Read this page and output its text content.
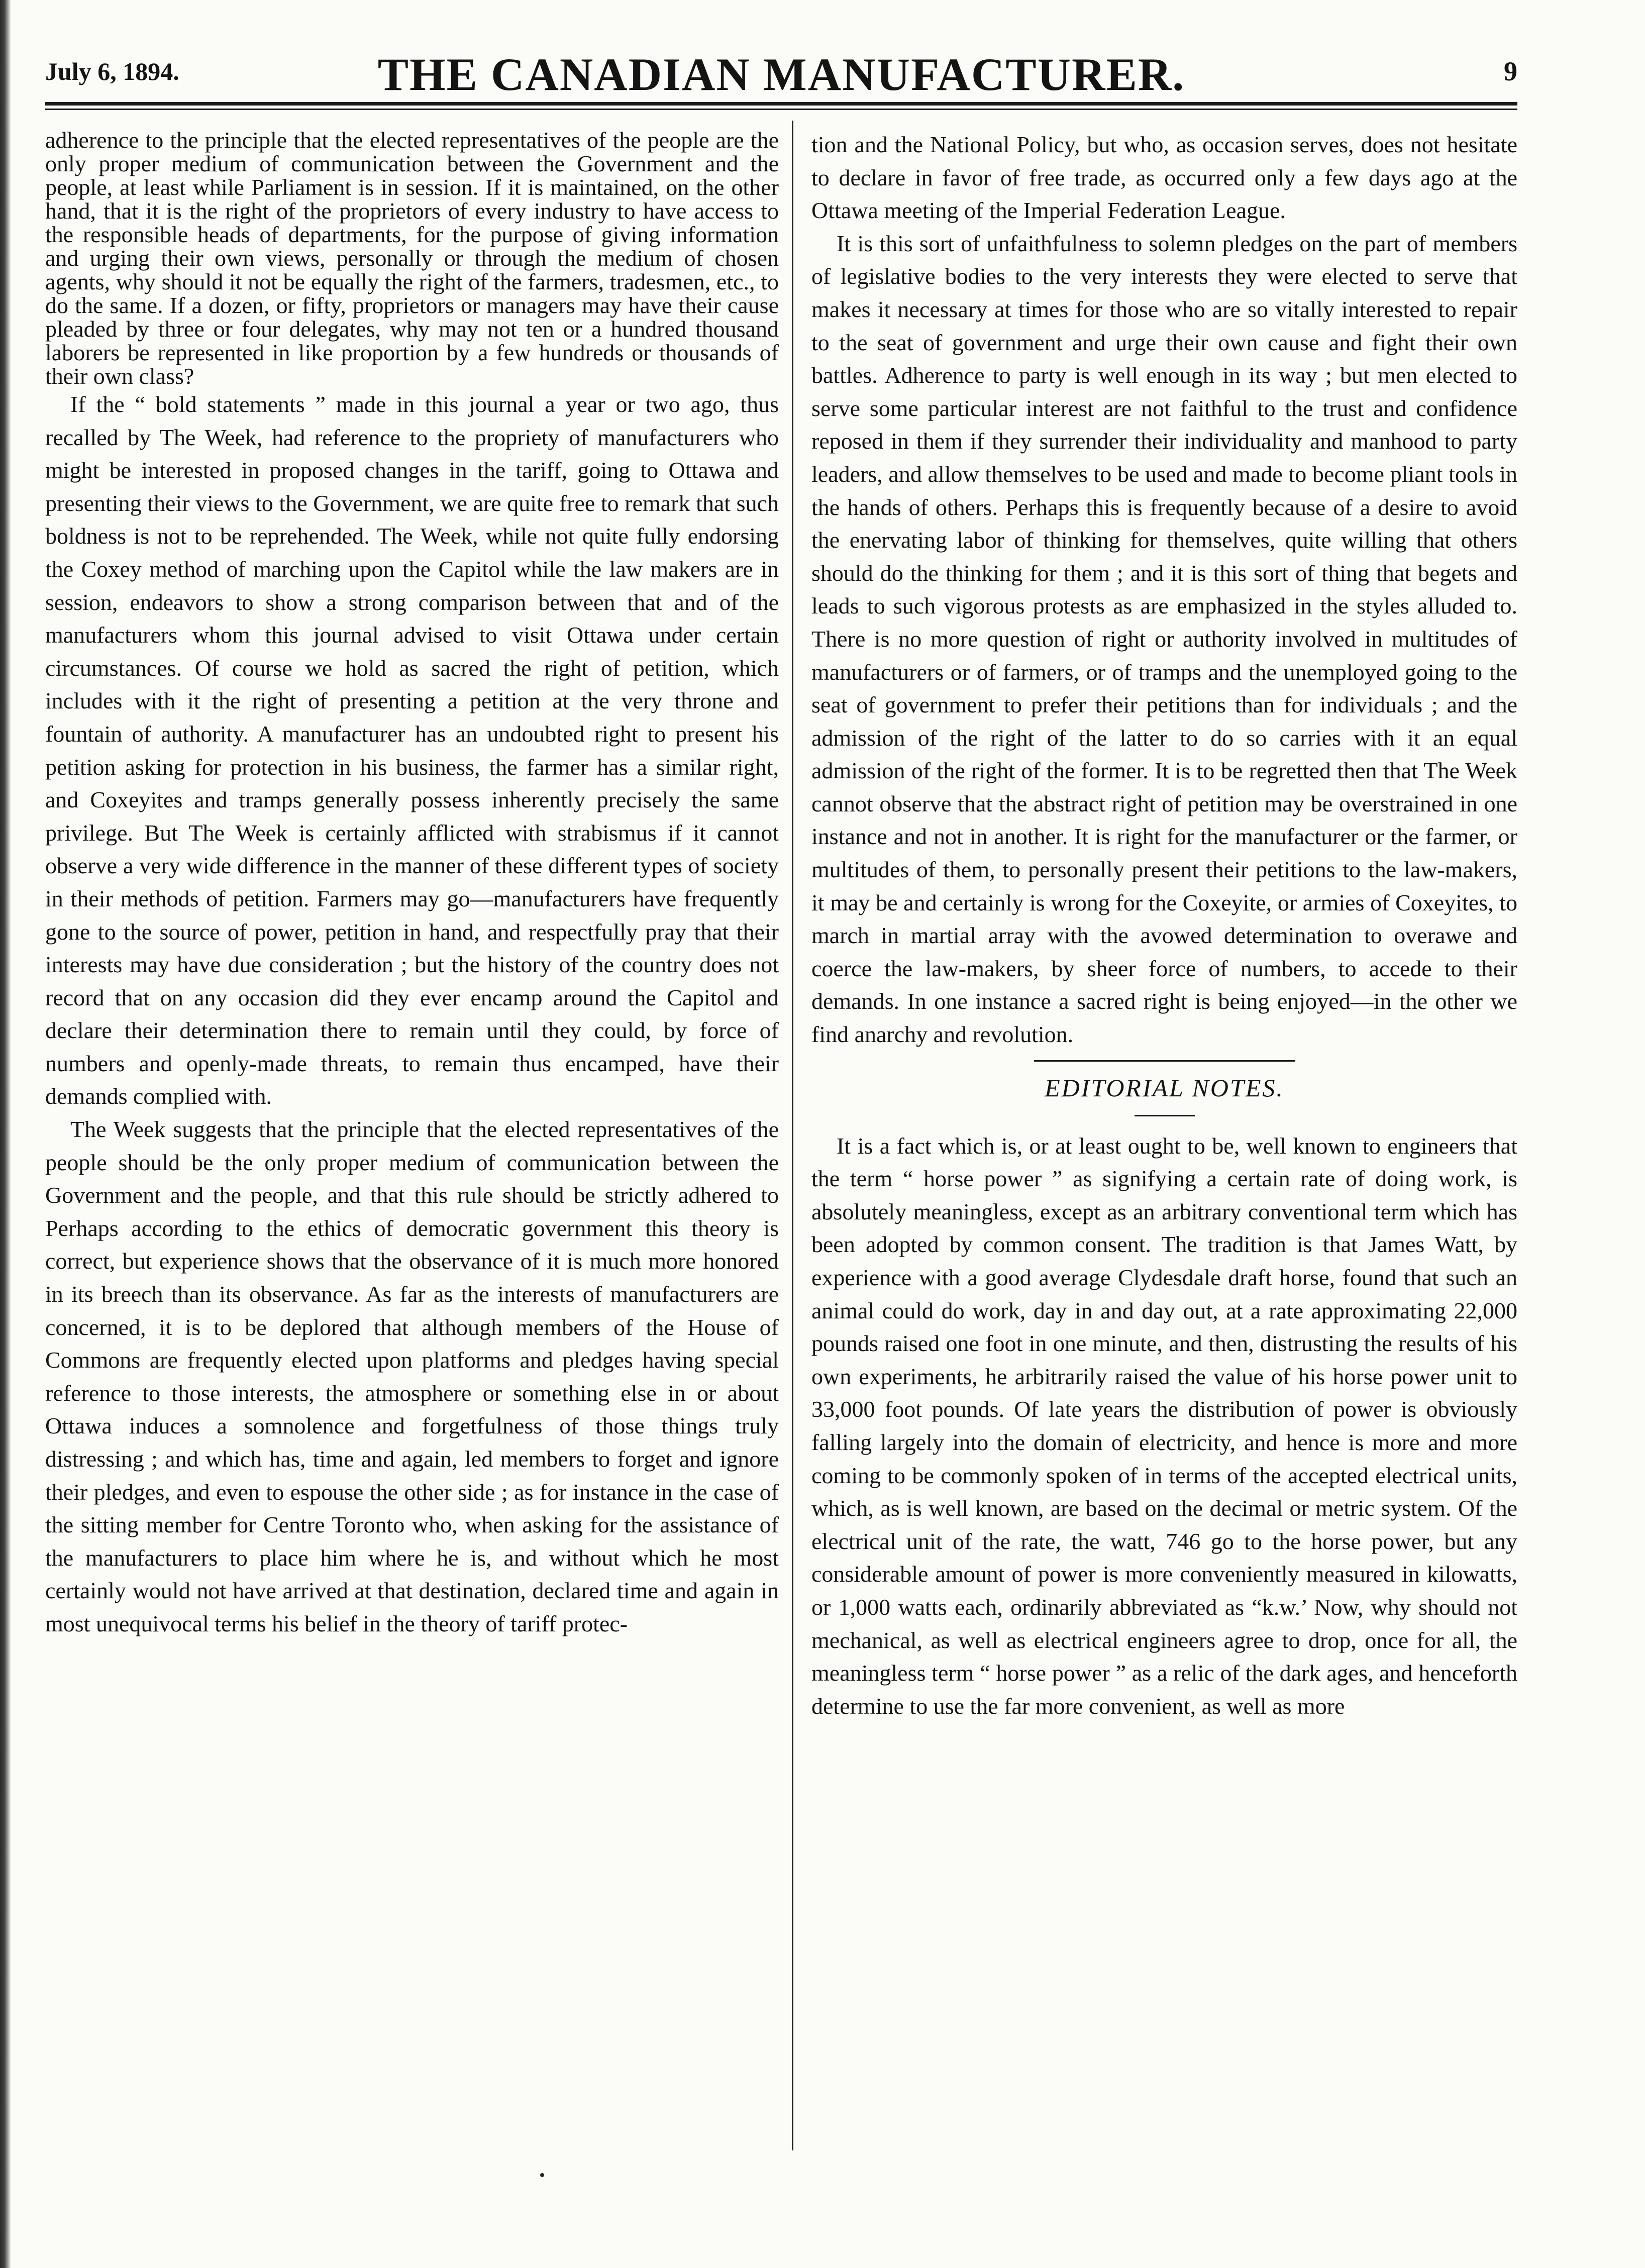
July 6, 1894.	THE CANADIAN MANUFACTURER.	9

adherence to the principle that the elected representatives of the people are the only proper medium of communication between the Government and the people, at least while Parliament is in session. If it is maintained, on the other hand, that it is the right of the proprietors of every industry to have access to the responsible heads of departments, for the purpose of giving information and urging their own views, personally or through the medium of chosen agents, why should it not be equally the right of the farmers, tradesmen, etc., to do the same. If a dozen, or fifty, proprietors or managers may have their cause pleaded by three or four delegates, why may not ten or a hundred thousand laborers be represented in like proportion by a few hundreds or thousands of their own class?

If the “ bold statements ” made in this journal a year or two ago, thus recalled by The Week, had reference to the propriety of manufacturers who might be interested in proposed changes in the tariff, going to Ottawa and presenting their views to the Government, we are quite free to remark that such boldness is not to be reprehended. The Week, while not quite fully endorsing the Coxey method of marching upon the Capitol while the law makers are in session, endeavors to show a strong comparison between that and of the manufacturers whom this journal advised to visit Ottawa under certain circumstances. Of course we hold as sacred the right of petition, which includes with it the right of presenting a petition at the very throne and fountain of authority. A manufacturer has an undoubted right to present his petition asking for protection in his business, the farmer has a similar right, and Coxeyites and tramps generally possess inherently precisely the same privilege. But The Week is certainly afflicted with strabismus if it cannot observe a very wide difference in the manner of these different types of society in their methods of petition. Farmers may go—manufacturers have frequently gone to the source of power, petition in hand, and respectfully pray that their interests may have due consideration ; but the history of the country does not record that on any occasion did they ever encamp around the Capitol and declare their determination there to remain until they could, by force of numbers and openly-made threats, to remain thus encamped, have their demands complied with.

The Week suggests that the principle that the elected representatives of the people should be the only proper medium of communication between the Government and the people, and that this rule should be strictly adhered to Perhaps according to the ethics of democratic government this theory is correct, but experience shows that the observance of it is much more honored in its breech than its observance. As far as the interests of manufacturers are concerned, it is to be deplored that although members of the House of Commons are frequently elected upon platforms and pledges having special reference to those interests, the atmosphere or something else in or about Ottawa induces a somnolence and forgetfulness of those things truly distressing ; and which has, time and again, led members to forget and ignore their pledges, and even to espouse the other side ; as for instance in the case of the sitting member for Centre Toronto who, when asking for the assistance of the manufacturers to place him where he is, and without which he most certainly would not have arrived at that destination, declared time and again in most unequivocal terms his belief in the theory of tariff protec-

tion and the National Policy, but who, as occasion serves, does not hesitate to declare in favor of free trade, as occurred only a few days ago at the Ottawa meeting of the Imperial Federation League.

It is this sort of unfaithfulness to solemn pledges on the part of members of legislative bodies to the very interests they were elected to serve that makes it necessary at times for those who are so vitally interested to repair to the seat of government and urge their own cause and fight their own battles. Adherence to party is well enough in its way ; but men elected to serve some particular interest are not faithful to the trust and confidence reposed in them if they surrender their individuality and manhood to party leaders, and allow themselves to be used and made to become pliant tools in the hands of others. Perhaps this is frequently because of a desire to avoid the enervating labor of thinking for themselves, quite willing that others should do the thinking for them ; and it is this sort of thing that begets and leads to such vigorous protests as are emphasized in the styles alluded to. There is no more question of right or authority involved in multitudes of manufacturers or of farmers, or of tramps and the unemployed going to the seat of government to prefer their petitions than for individuals ; and the admission of the right of the latter to do so carries with it an equal admission of the right of the former. It is to be regretted then that The Week cannot observe that the abstract right of petition may be overstrained in one instance and not in another. It is right for the manufacturer or the farmer, or multitudes of them, to personally present their petitions to the law-makers, it may be and certainly is wrong for the Coxeyite, or armies of Coxeyites, to march in martial array with the avowed determination to overawe and coerce the law-makers, by sheer force of numbers, to accede to their demands. In one instance a sacred right is being enjoyed—in the other we find anarchy and revolution.

EDITORIAL NOTES.

It is a fact which is, or at least ought to be, well known to engineers that the term “ horse power ” as signifying a certain rate of doing work, is absolutely meaningless, except as an arbitrary conventional term which has been adopted by common consent. The tradition is that James Watt, by experience with a good average Clydesdale draft horse, found that such an animal could do work, day in and day out, at a rate approximating 22,000 pounds raised one foot in one minute, and then, distrusting the results of his own experiments, he arbitrarily raised the value of his horse power unit to 33,000 foot pounds. Of late years the distribution of power is obviously falling largely into the domain of electricity, and hence is more and more coming to be commonly spoken of in terms of the accepted electrical units, which, as is well known, are based on the decimal or metric system. Of the electrical unit of the rate, the watt, 746 go to the horse power, but any considerable amount of power is more conveniently measured in kilowatts, or 1,000 watts each, ordinarily abbreviated as “k.w.’ Now, why should not mechanical, as well as electrical engineers agree to drop, once for all, the meaningless term “ horse power ” as a relic of the dark ages, and henceforth determine to use the far more convenient, as well as more
